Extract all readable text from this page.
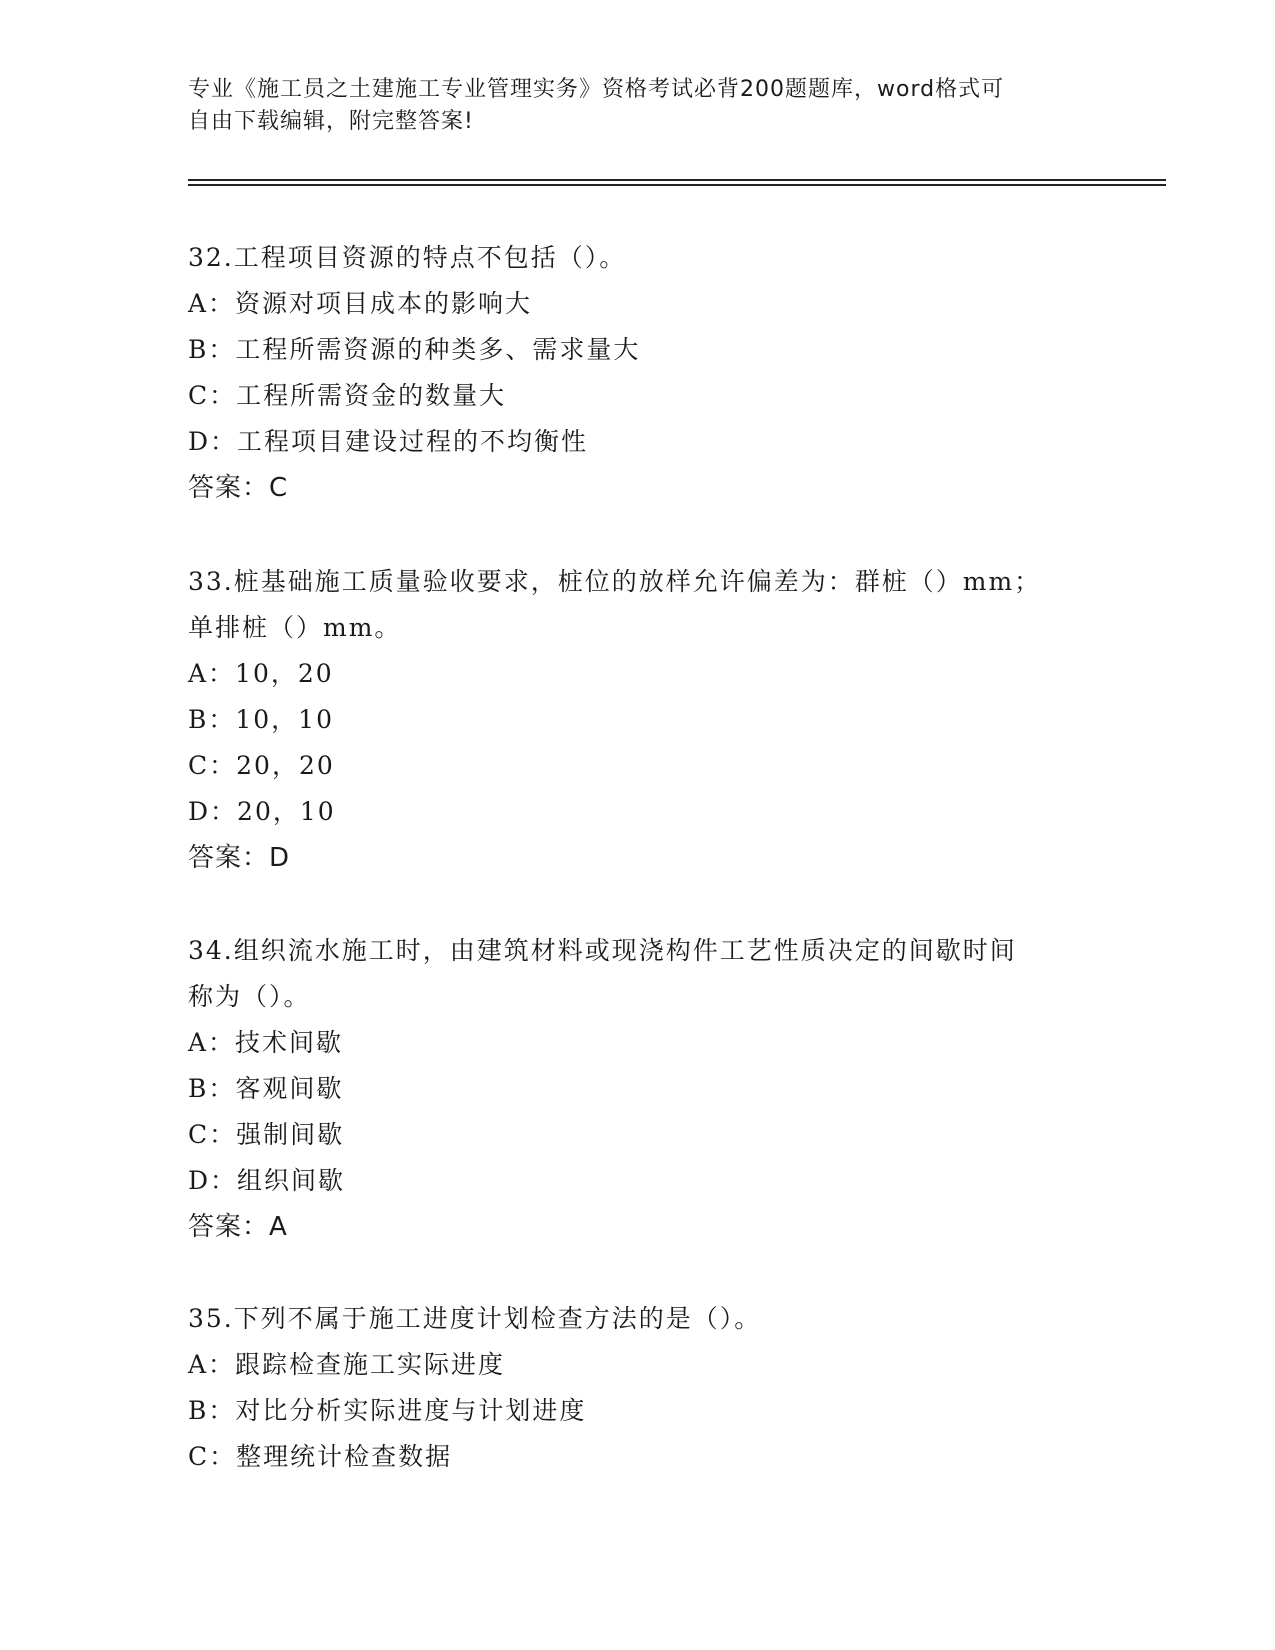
专业《施工员之土建施工专业管理实务》资格考试必背200题题库，word格式可
自由下载编辑，附完整答案!
32.工程项目资源的特点不包括（）。
A：资源对项目成本的影响大
B：工程所需资源的种类多、需求量大
C：工程所需资金的数量大
D：工程项目建设过程的不均衡性
答案：C
33.桩基础施工质量验收要求，桩位的放样允许偏差为：群桩（）mm；
单排桩（）mm。
A：10，20
B：10，10
C：20，20
D：20，10
答案：D
34.组织流水施工时，由建筑材料或现浇构件工艺性质决定的间歇时间
称为（）。
A：技术间歇
B：客观间歇
C：强制间歇
D：组织间歇
答案：A
35.下列不属于施工进度计划检查方法的是（）。
A：跟踪检查施工实际进度
B：对比分析实际进度与计划进度
C：整理统计检查数据
